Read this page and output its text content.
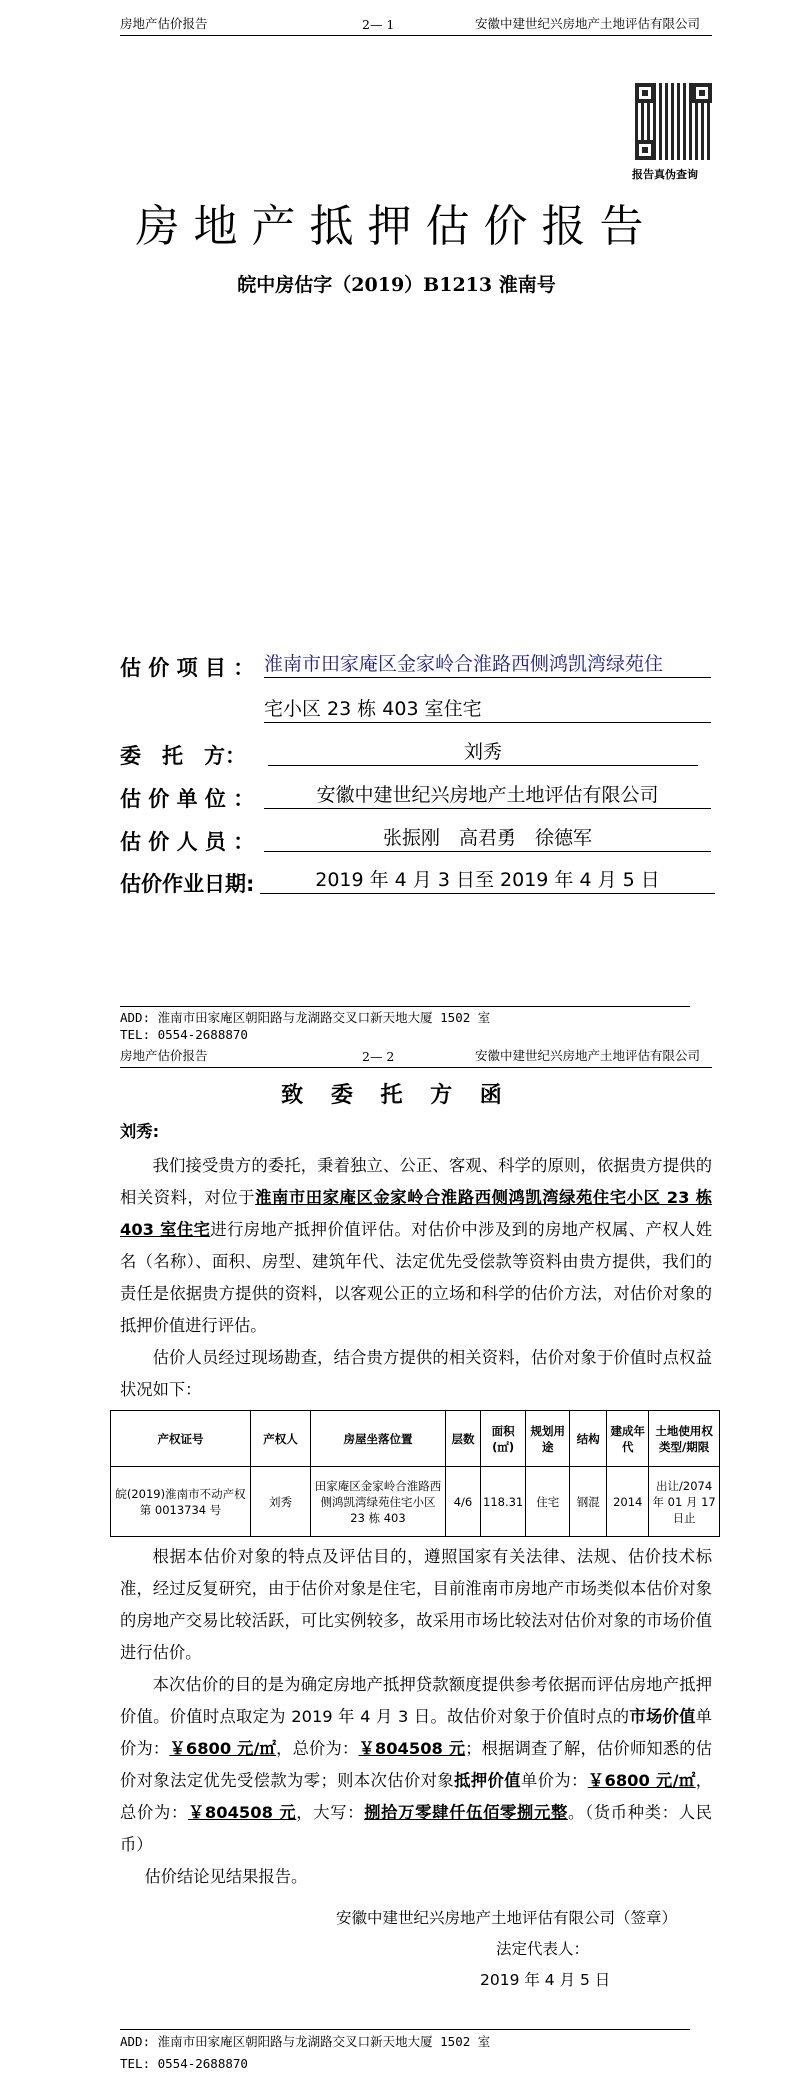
房地产估价报告	2— 1	安徽中建世纪兴房地产土地评估有限公司
报告真伪查询
房地产抵押估价报告
皖中房估字（2019）B1213 淮南号
估 价 项 目 ： 淮南市田家庵区金家岭合淮路西侧鸿凯湾绿苑住
宅小区 23 栋 403 室住宅
委　托　方：	刘秀
估 价 单 位 ：	安徽中建世纪兴房地产土地评估有限公司
估 价 人 员 ：	张振刚　高君勇　徐德军
估价作业日期:	2019 年 4 月 3 日至 2019 年 4 月 5 日
ADD: 淮南市田家庵区朝阳路与龙湖路交叉口新天地大厦 1502 室
TEL: 0554-2688870
房地产估价报告	2— 2	安徽中建世纪兴房地产土地评估有限公司
致 委 托 方 函
刘秀:

我们接受贵方的委托，秉着独立、公正、客观、科学的原则，依据贵方提供的相关资料，对位于淮南市田家庵区金家岭合淮路西侧鸿凯湾绿苑住宅小区 23 栋 403 室住宅进行房地产抵押价值评估。对估价中涉及到的房地产权属、产权人姓名（名称）、面积、房型、建筑年代、法定优先受偿款等资料由贵方提供，我们的责任是依据贵方提供的资料，以客观公正的立场和科学的估价方法，对估价对象的抵押价值进行评估。

估价人员经过现场勘查，结合贵方提供的相关资料，估价对象于价值时点权益状况如下：

产权证号	产权人	房屋坐落位置	层数	面积(㎡)	规划用途	结构	建成年代	土地使用权类型/期限
皖(2019)淮南市不动产权第 0013734 号	刘秀	田家庵区金家岭合淮路西侧鸿凯湾绿苑住宅小区 23 栋 403	4/6	118.31	住宅	钢混	2014	出让/2074 年 01 月 17 日止

根据本估价对象的特点及评估目的，遵照国家有关法律、法规、估价技术标准，经过反复研究，由于估价对象是住宅，目前淮南市房地产市场类似本估价对象的房地产交易比较活跃，可比实例较多，故采用市场比较法对估价对象的市场价值进行估价。

本次估价的目的是为确定房地产抵押贷款额度提供参考依据而评估房地产抵押价值。价值时点取定为 2019 年 4 月 3 日。故估价对象于价值时点的市场价值单价为：￥6800 元/㎡，总价为：￥804508 元；根据调查了解，估价师知悉的估价对象法定优先受偿款为零；则本次估价对象抵押价值单价为：￥6800 元/㎡，总价为：￥804508 元，大写：捌拾万零肆仟伍佰零捌元整。（货币种类：人民币）

估价结论见结果报告。

安徽中建世纪兴房地产土地评估有限公司（签章）
法定代表人：
2019 年 4 月 5 日
ADD: 淮南市田家庵区朝阳路与龙湖路交叉口新天地大厦 1502 室
TEL: 0554-2688870
